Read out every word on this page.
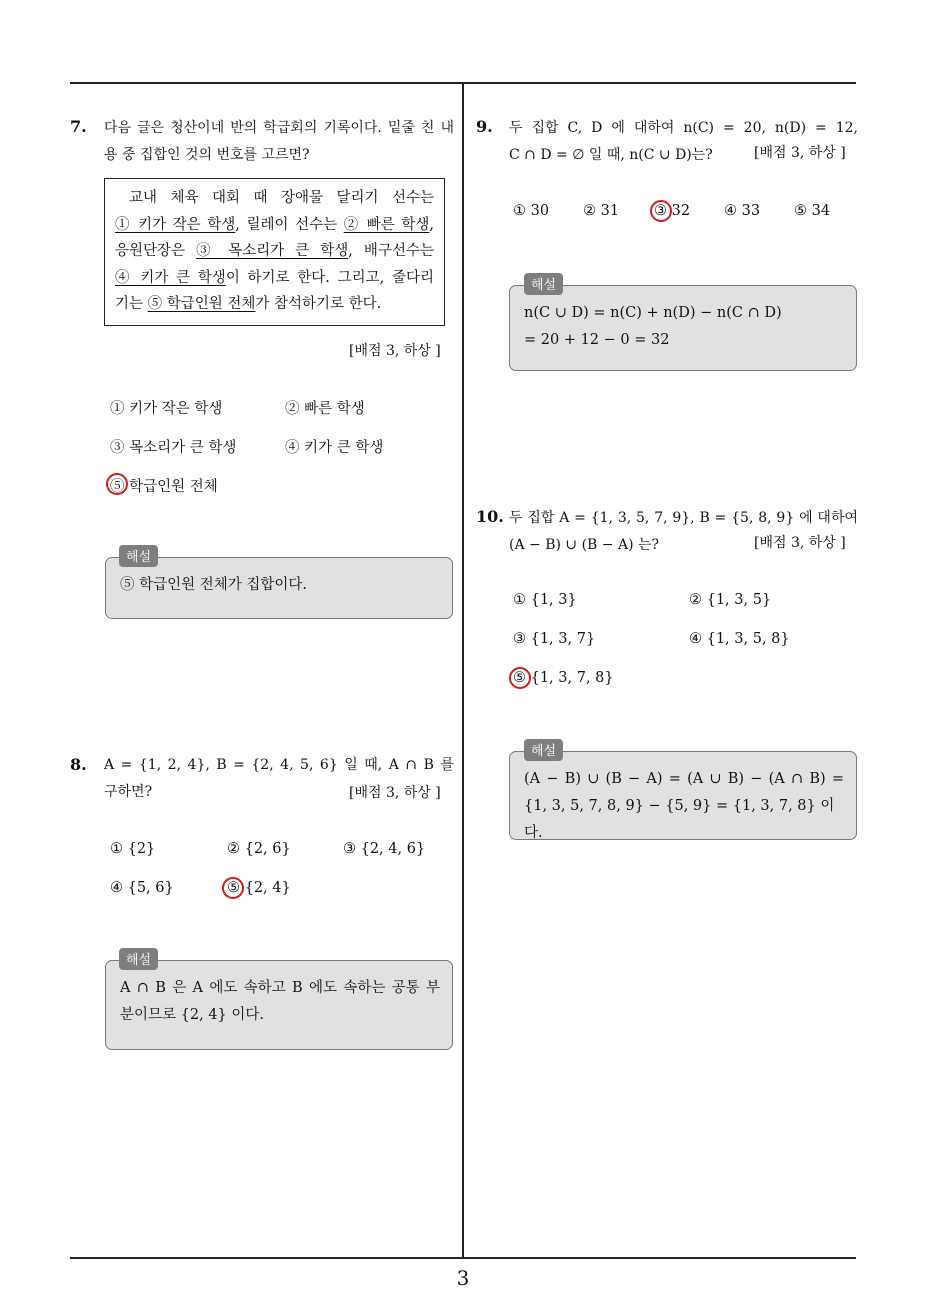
7. 다음 글은 청산이네 반의 학급회의 기록이다. 밑줄 친 내용 중 집합인 것의 번호를 고르면?
교내 체육 대회 때 장애물 달리기 선수는
① 키가 작은 학생, 릴레이 선수는 ② 빠른 학생,
응원단장은 ③ 목소리가 큰 학생, 배구선수는
④ 키가 큰 학생이 하기로 한다. 그리고, 줄다리
기는 ⑤ 학급인원 전체가 참석하기로 한다.
[배점 3, 하상 ]
① 키가 작은 학생	② 빠른 학생
③ 목소리가 큰 학생	④ 키가 큰 학생
⑤ 학급인원 전체
⑤ 학급인원 전체가 집합이다.
해설
8. A = {1, 2, 4}, B = {2, 4, 5, 6} 일 때, A ∩ B 를
구하면?	[배점 3, 하상 ]
① {2}	② {2, 6}	③ {2, 4, 6}
④ {5, 6}	⑤ {2, 4}
A ∩ B 은 A 에도 속하고 B 에도 속하는 공통 부
분이므로 {2, 4} 이다.
해설
9. 두 집합 C, D 에 대하여 n(C) = 20, n(D) = 12,
C ∩ D = ∅ 일 때, n(C ∪ D)는?	[배점 3, 하상 ]
① 30 ② 31 ③ 32 ④ 33 ⑤ 34
n(C ∪ D) = n(C) + n(D) − n(C ∩ D)
= 20 + 12 − 0 = 32
해설
10. 두 집합 A = {1, 3, 5, 7, 9}, B = {5, 8, 9} 에 대하여
(A − B) ∪ (B − A) 는?	[배점 3, 하상 ]
① {1, 3}	② {1, 3, 5}
③ {1, 3, 7}	④ {1, 3, 5, 8}
⑤ {1, 3, 7, 8}
(A − B) ∪ (B − A) = (A ∪ B) − (A ∩ B) =
{1, 3, 5, 7, 8, 9} − {5, 9} = {1, 3, 7, 8} 이다.
해설
3
